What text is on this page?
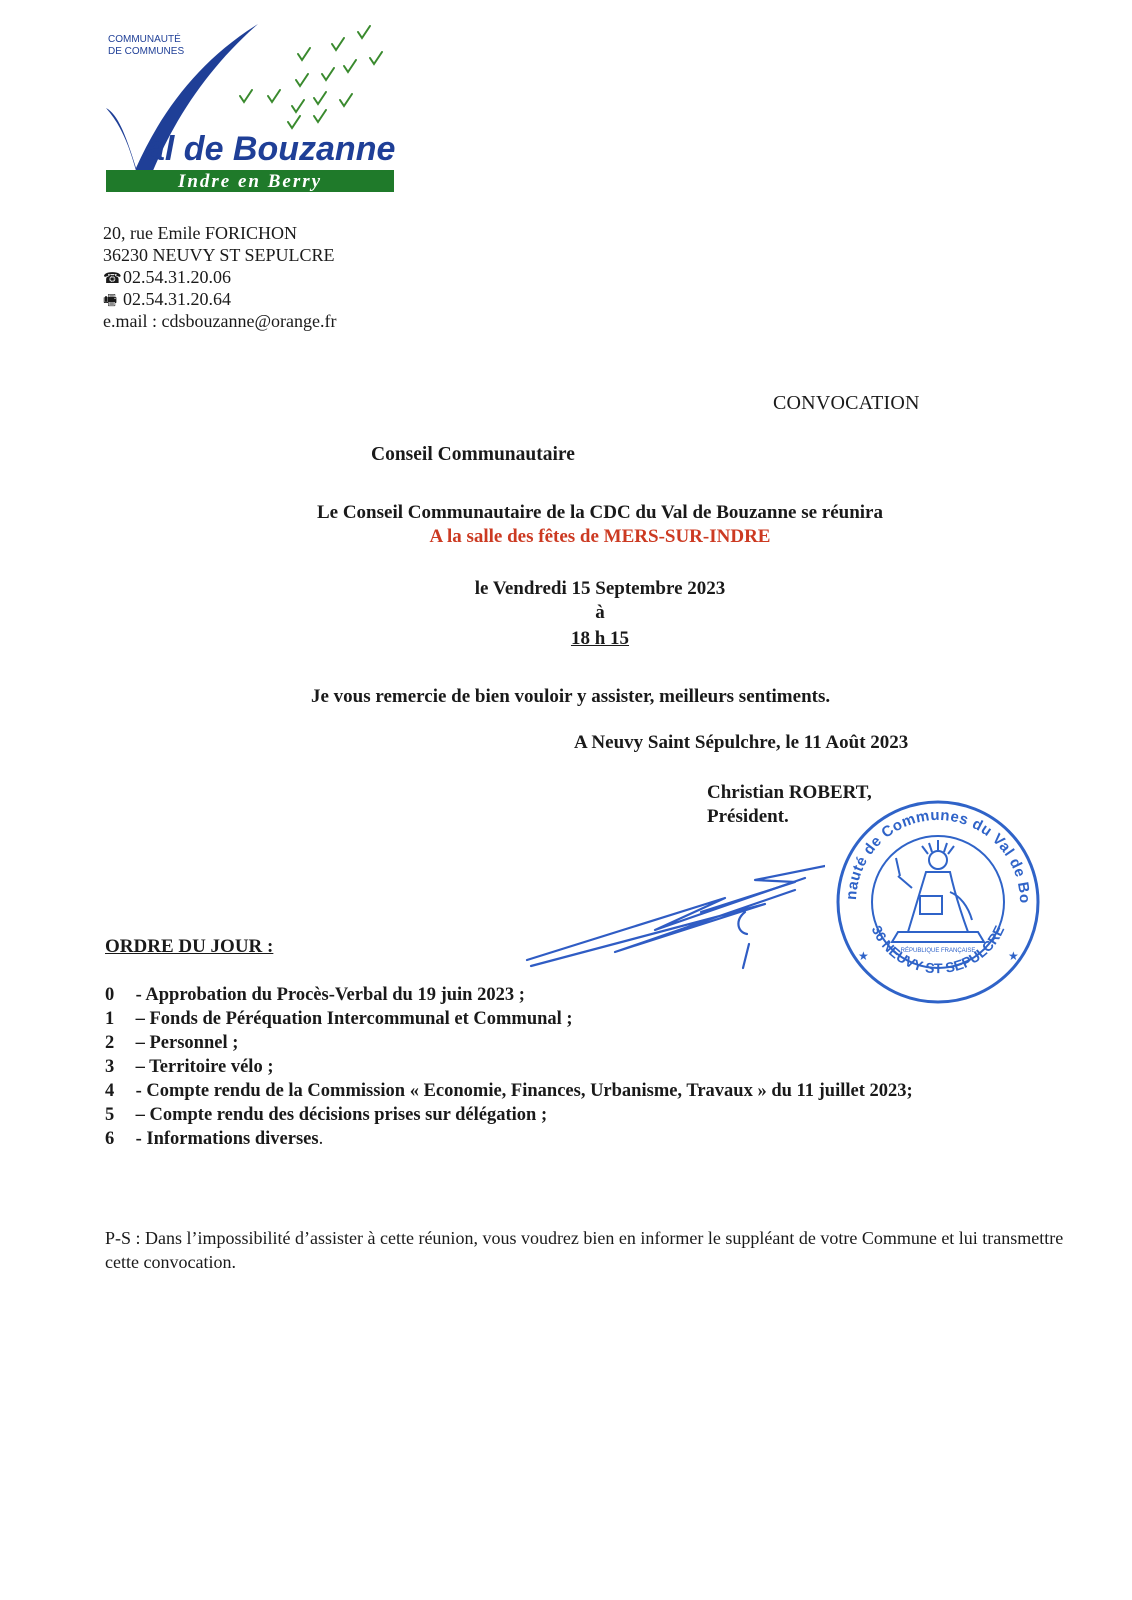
COMMUNAUTÉ
DE COMMUNES
al de Bouzanne
Indre en Berry
20, rue Emile FORICHON
36230 NEUVY ST SEPULCRE
☎02.54.31.20.06
🖷 02.54.31.20.64
e.mail : cdsbouzanne@orange.fr
CONVOCATION
Conseil Communautaire
Le Conseil Communautaire de la CDC du Val de Bouzanne se réunira
A la salle des fêtes de MERS-SUR-INDRE
le Vendredi 15 Septembre 2023
à
18 h 15
Je vous remercie de bien vouloir y assister, meilleurs sentiments.
A Neuvy Saint Sépulchre, le 11 Août 2023
Christian ROBERT,
Président.
nauté de Communes du Val de Bo
36 NEUVY ST SEPULCRE
RÉPUBLIQUE FRANÇAISE
★	★
ORDRE DU JOUR :
0 - Approbation du Procès-Verbal du 19 juin 2023 ;
1 – Fonds de Péréquation Intercommunal et Communal ;
2 – Personnel ;
3 – Territoire vélo ;
4 - Compte rendu de la Commission « Economie, Finances, Urbanisme, Travaux » du 11 juillet 2023;
5 – Compte rendu des décisions prises sur délégation ;
6 - Informations diverses.
P-S : Dans l’impossibilité d’assister à cette réunion, vous voudrez bien en informer le suppléant de votre Commune et lui transmettre cette convocation.
